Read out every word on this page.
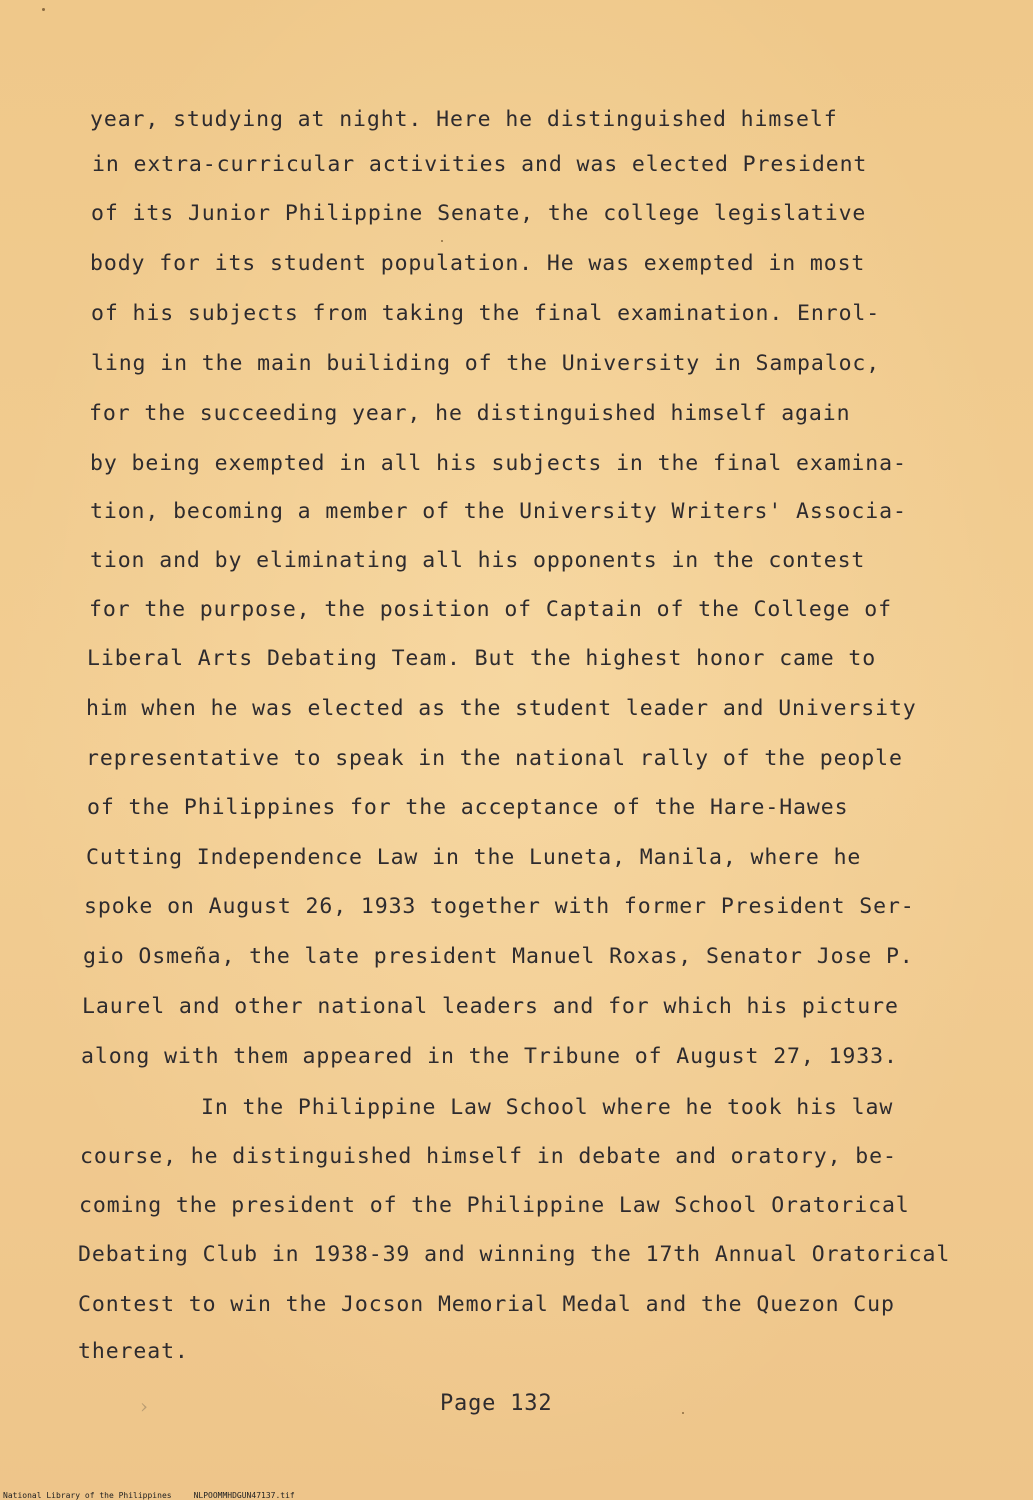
year, studying at night. Here he distinguished himself
in extra-curricular activities and was elected President
of its Junior Philippine Senate, the college legislative
body for its student population. He was exempted in most
of his subjects from taking the final examination. Enrol-
ling in the main builiding of the University in Sampaloc,
for the succeeding year, he distinguished himself again
by being exempted in all his subjects in the final examina-
tion, becoming a member of the University Writers' Associa-
tion and by eliminating all his opponents in the contest
for the purpose, the position of Captain of the College of
Liberal Arts Debating Team. But the highest honor came to
him when he was elected as the student leader and University
representative to speak in the national rally of the people
of the Philippines for the acceptance of the Hare-Hawes
Cutting Independence Law in the Luneta, Manila, where he
spoke on August 26, 1933 together with former President Ser-
gio Osmeña, the late president Manuel Roxas, Senator Jose P.
Laurel and other national leaders and for which his picture
along with them appeared in the Tribune of August 27, 1933.
In the Philippine Law School where he took his law
course, he distinguished himself in debate and oratory, be-
coming the president of the Philippine Law School Oratorical
Debating Club in 1938-39 and winning the 17th Annual Oratorical
Contest to win the Jocson Memorial Medal and the Quezon Cup
thereat.
Page 132
›
National Library of the Philippines	NLPOOMMHDGUN47137.tif
